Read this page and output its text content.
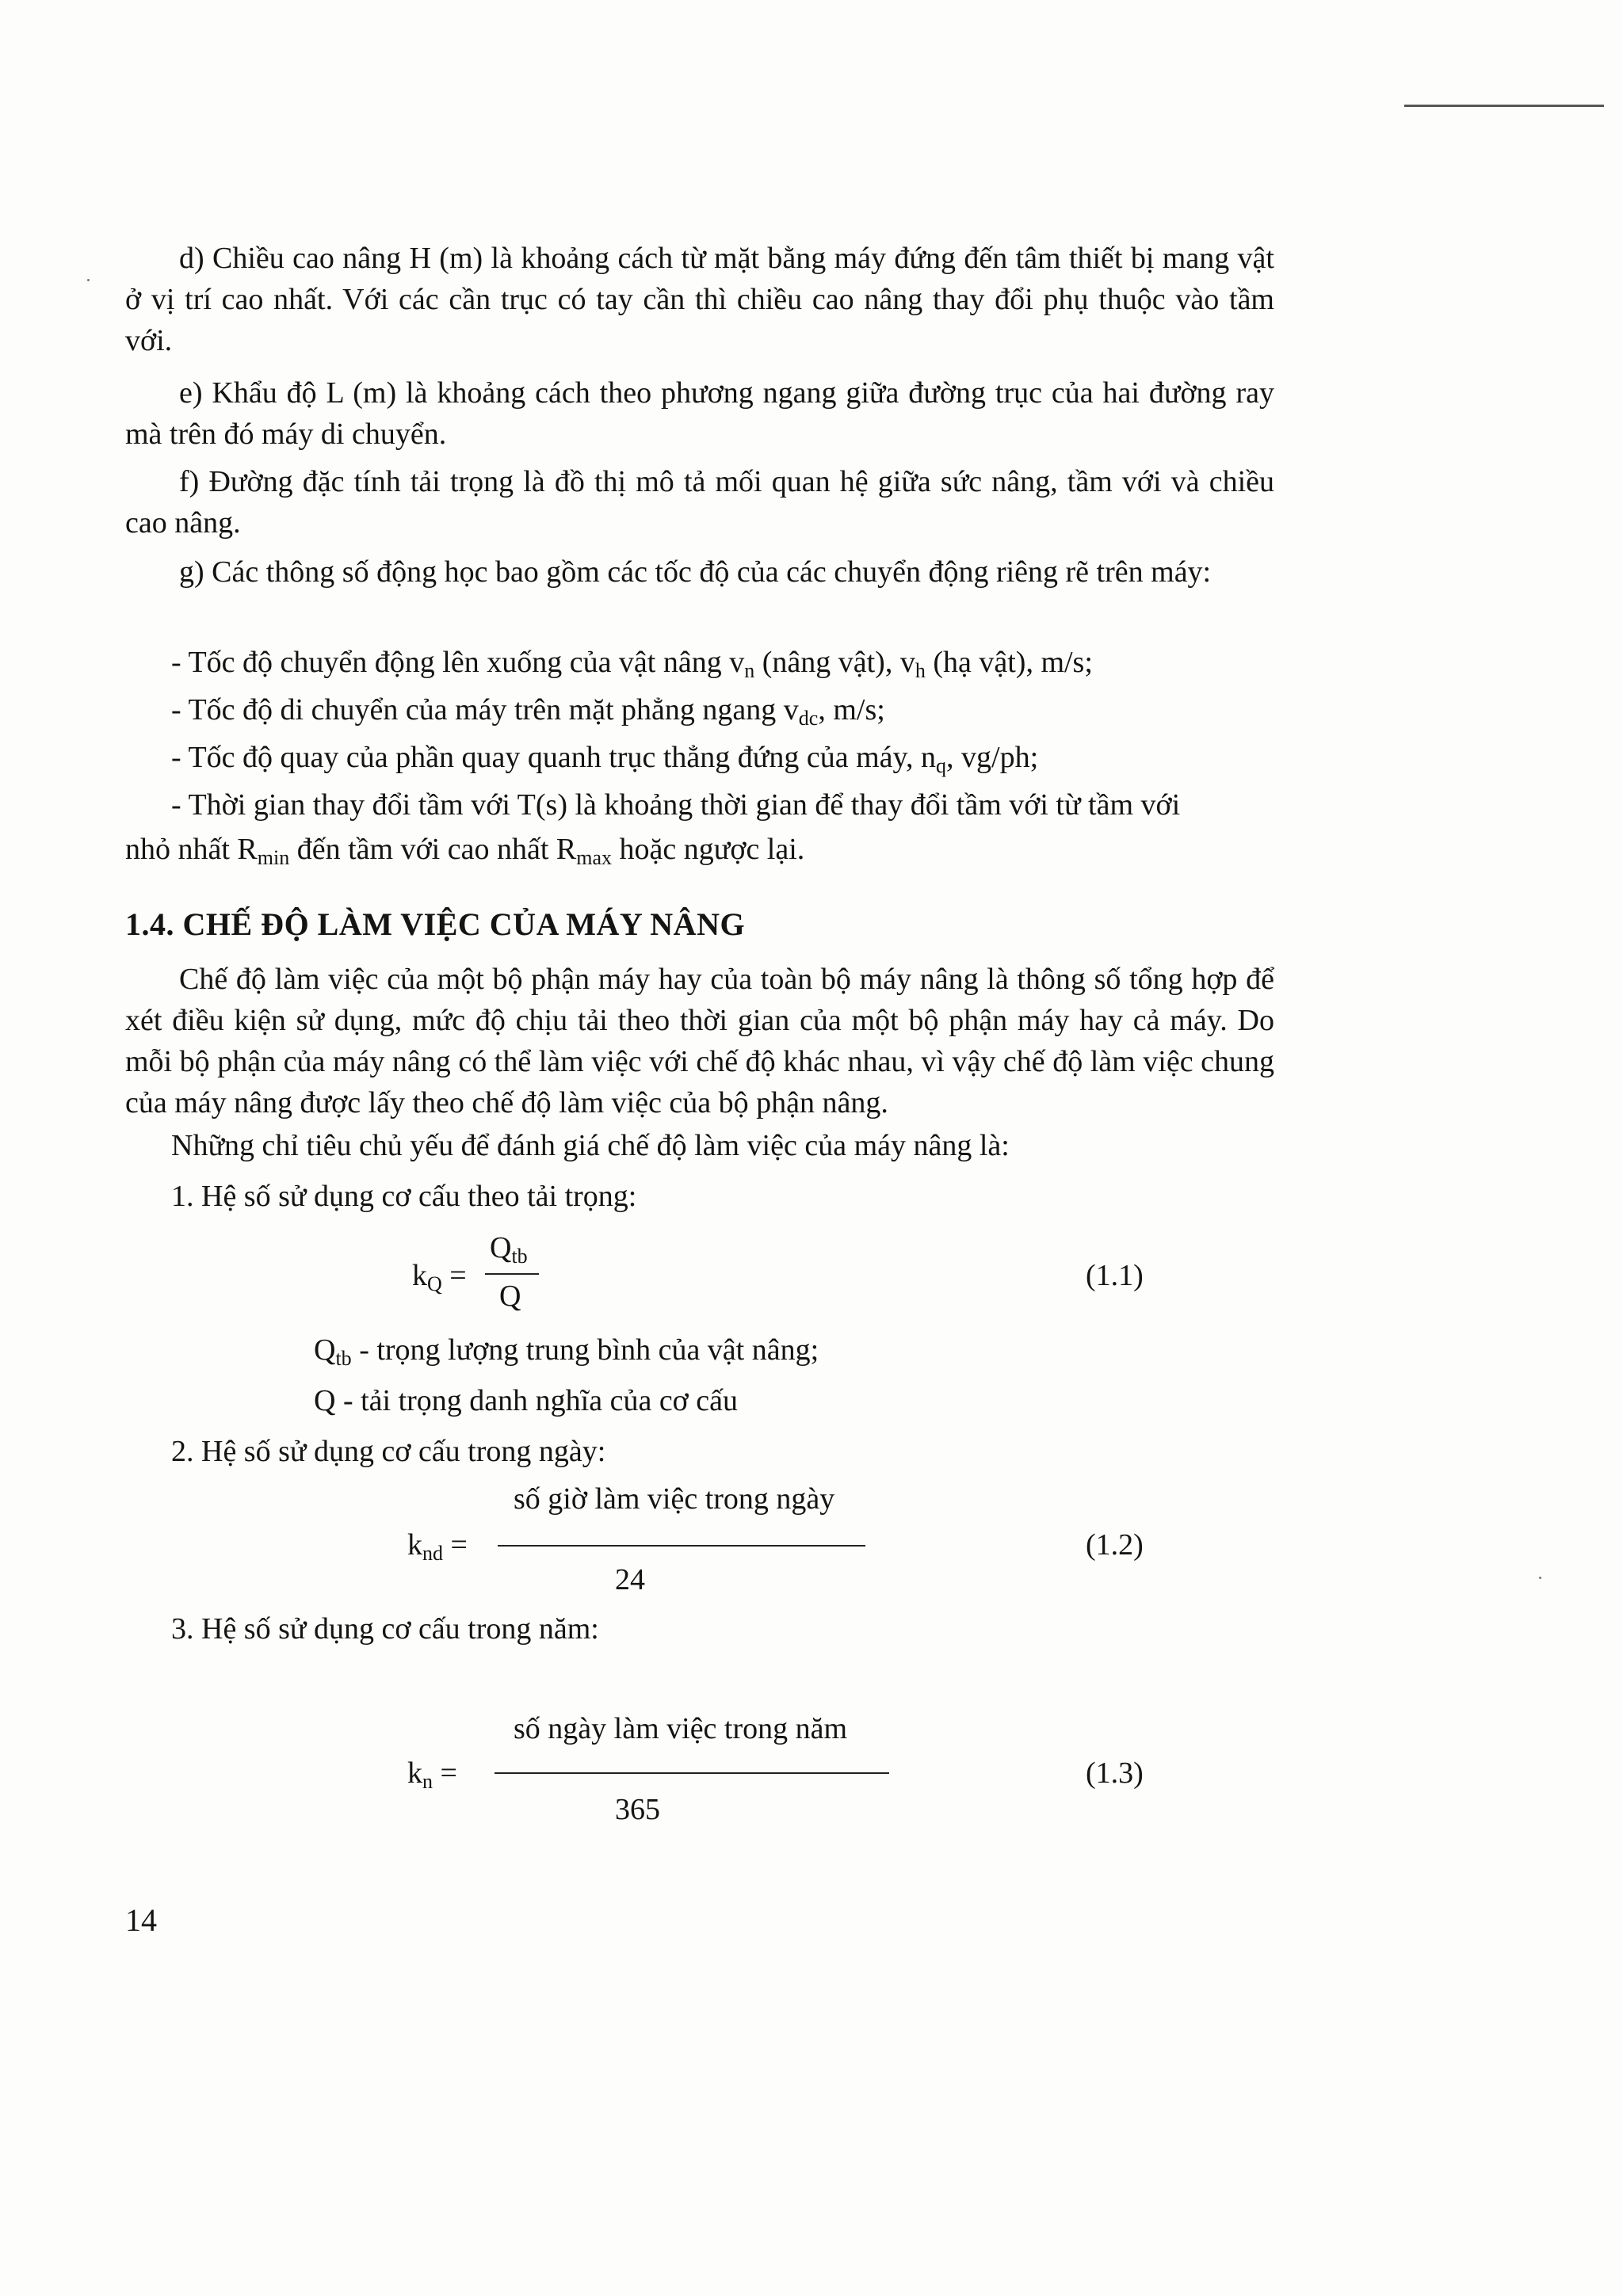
d) Chiều cao nâng H (m) là khoảng cách từ mặt bằng máy đứng đến tâm thiết bị mang vật ở vị trí cao nhất. Với các cần trục có tay cần thì chiều cao nâng thay đổi phụ thuộc vào tầm với.
e) Khẩu độ L (m) là khoảng cách theo phương ngang giữa đường trục của hai đường ray mà trên đó máy di chuyển.
f) Đường đặc tính tải trọng là đồ thị mô tả mối quan hệ giữa sức nâng, tầm với và chiều cao nâng.
g) Các thông số động học bao gồm các tốc độ của các chuyển động riêng rẽ trên máy:
- Tốc độ chuyển động lên xuống của vật nâng $v_n$ (nâng vật), $v_h$ (hạ vật), m/s;
- Tốc độ di chuyển của máy trên mặt phẳng ngang $v_{dc}$, m/s;
- Tốc độ quay của phần quay quanh trục thẳng đứng của máy, $n_q$, vg/ph;
- Thời gian thay đổi tầm với T(s) là khoảng thời gian để thay đổi tầm với từ tầm với
nhỏ nhất $R_{min}$ đến tầm với cao nhất $R_{max}$ hoặc ngược lại.
1.4. CHẾ ĐỘ LÀM VIỆC CỦA MÁY NÂNG
Chế độ làm việc của một bộ phận máy hay của toàn bộ máy nâng là thông số tổng hợp để xét điều kiện sử dụng, mức độ chịu tải theo thời gian của một bộ phận máy hay cả máy. Do mỗi bộ phận của máy nâng có thể làm việc với chế độ khác nhau, vì vậy chế độ làm việc chung của máy nâng được lấy theo chế độ làm việc của bộ phận nâng.
Những chỉ tiêu chủ yếu để đánh giá chế độ làm việc của máy nâng là:
1. Hệ số sử dụng cơ cấu theo tải trọng:
$k_Q$ =
$Q_{tb}$
Q
(1.1)
$Q_{tb}$ - trọng lượng trung bình của vật nâng;
Q - tải trọng danh nghĩa của cơ cấu
2. Hệ số sử dụng cơ cấu trong ngày:
số giờ làm việc trong ngày
$k_{nd}$ =
24
(1.2)
3. Hệ số sử dụng cơ cấu trong năm:
số ngày làm việc trong năm
$k_n$ =
365
(1.3)
14
